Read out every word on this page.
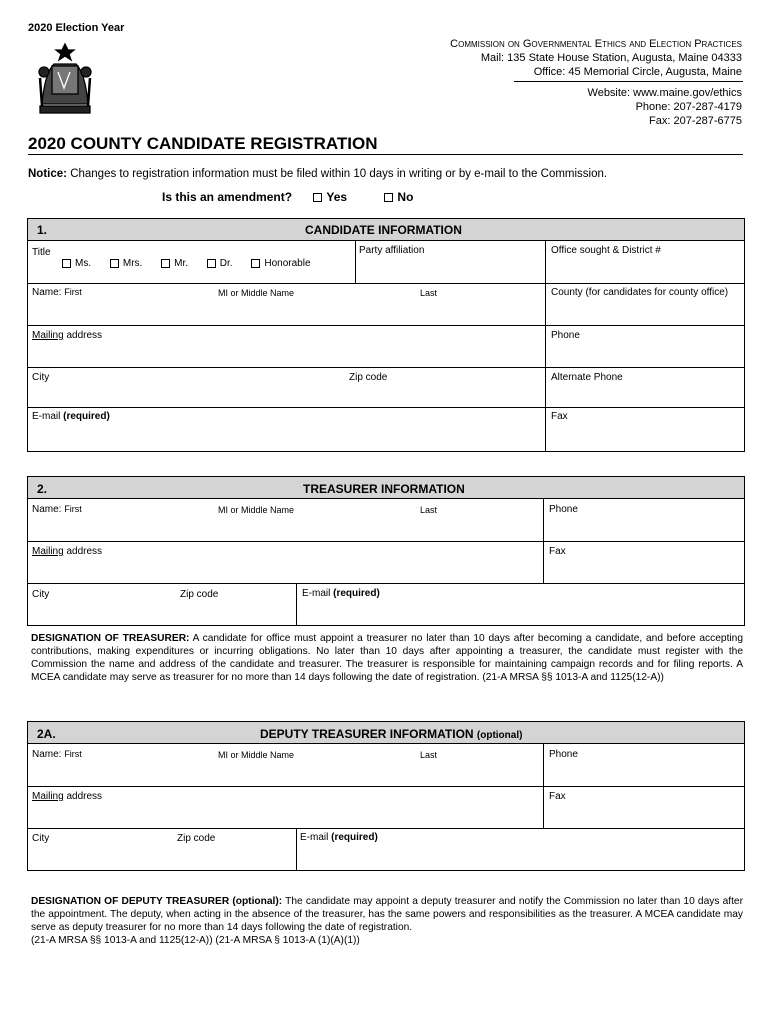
2020 Election Year
Commission on Governmental Ethics and Election Practices
Mail: 135 State House Station, Augusta, Maine 04333
Office: 45 Memorial Circle, Augusta, Maine
Website: www.maine.gov/ethics
Phone: 207-287-4179
Fax: 207-287-6775
2020 COUNTY CANDIDATE REGISTRATION
Notice: Changes to registration information must be filed within 10 days in writing or by e-mail to the Commission.
Is this an amendment?	Yes	No
1.	CANDIDATE INFORMATION
Title
Ms.	Mrs.	Mr.	Dr.	Honorable
Party affiliation	Office sought & District #
Name: First	MI or Middle Name	Last	County (for candidates for county office)
Mailing address	Phone
City	Zip code	Alternate Phone
E-mail (required)	Fax
2.	TREASURER INFORMATION
Name: First	MI or Middle Name	Last	Phone
Mailing address	Fax
City	Zip code	E-mail (required)
DESIGNATION OF TREASURER: A candidate for office must appoint a treasurer no later than 10 days after becoming a candidate, and before accepting contributions, making expenditures or incurring obligations. No later than 10 days after appointing a treasurer, the candidate must register with the Commission the name and address of the candidate and treasurer. The treasurer is responsible for maintaining campaign records and for filing reports. A MCEA candidate may serve as treasurer for no more than 14 days following the date of registration. (21-A MRSA §§ 1013-A and 1125(12-A))
2A.	DEPUTY TREASURER INFORMATION (optional)
Name: First	MI or Middle Name	Last	Phone
Mailing address	Fax
City	Zip code	E-mail (required)
DESIGNATION OF DEPUTY TREASURER (optional): The candidate may appoint a deputy treasurer and notify the Commission no later than 10 days after the appointment. The deputy, when acting in the absence of the treasurer, has the same powers and responsibilities as the treasurer. A MCEA candidate may serve as deputy treasurer for no more than 14 days following the date of registration.
(21-A MRSA §§ 1013-A and 1125(12-A)) (21-A MRSA § 1013-A (1)(A)(1))
